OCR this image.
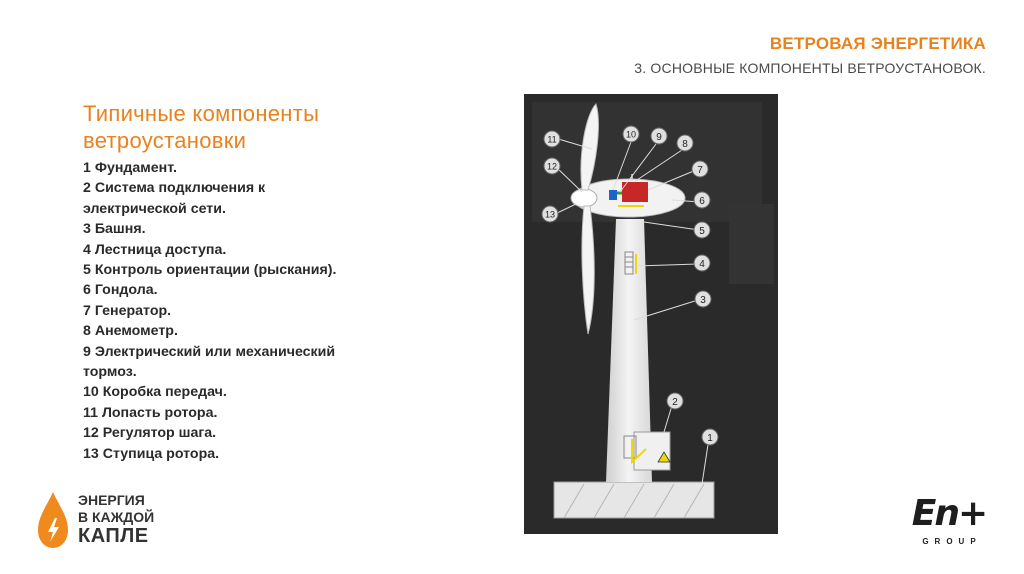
ВЕТРОВАЯ ЭНЕРГЕТИКА
3. ОСНОВНЫЕ КОМПОНЕНТЫ ВЕТРОУСТАНОВОК.
Типичные компоненты
ветроустановки
1 Фундамент.
2 Система подключения к
электрической сети.
3 Башня.
4 Лестница доступа.
5 Контроль ориентации (рыскания).
6 Гондола.
7 Генератор.
8 Анемометр.
9 Электрический или механический
тормоз.
10 Коробка передач.
11 Лопасть ротора.
12 Регулятор шага.
13 Ступица ротора.
1
2
3
4
5
6
7
8
9
10
11
12
13
ЭНЕРГИЯ
В КАЖДОЙ
КАПЛЕ
En+
GROUP
